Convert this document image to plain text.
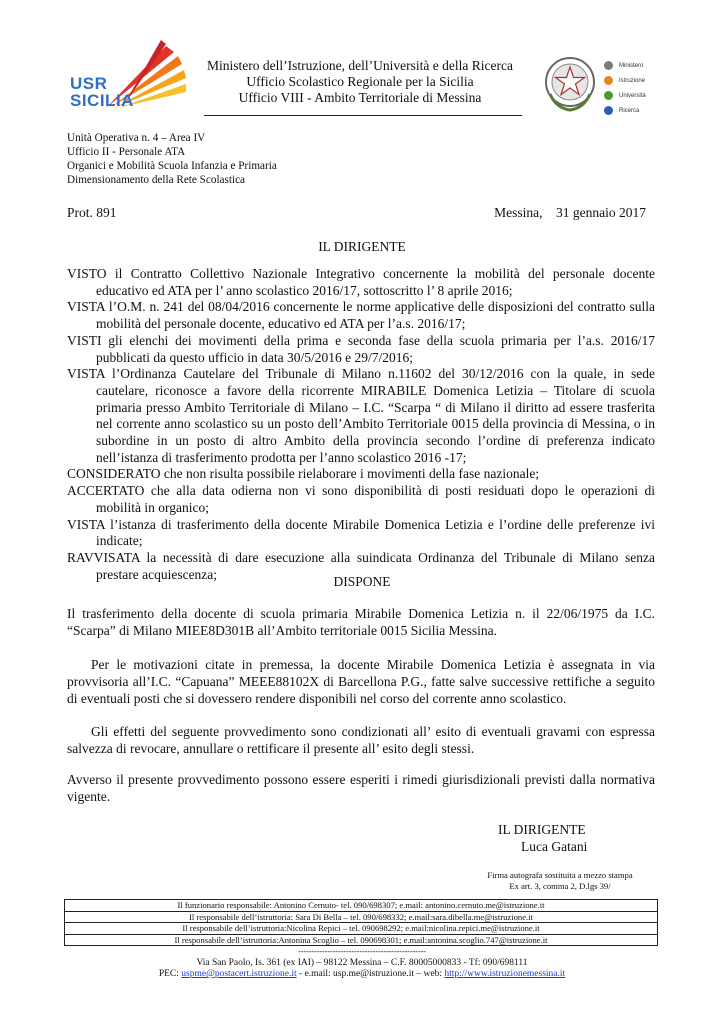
USR
SICILIA
Ministero dell’Istruzione, dell’Università e della Ricerca
Ufficio Scolastico Regionale per la Sicilia
Ufficio VIII - Ambito Territoriale di Messina
Ministero
Istruzione
Università
Ricerca
Unità Operativa n. 4 – Area IV
Ufficio II - Personale ATA
Organici e Mobilità Scuola Infanzia e Primaria
Dimensionamento della Rete Scolastica
Prot. 891	Messina,    31 gennaio 2017
IL DIRIGENTE

VISTO il Contratto Collettivo Nazionale Integrativo concernente la mobilità del personale docente educativo ed ATA per l’ anno scolastico 2016/17, sottoscritto l’ 8 aprile 2016;

VISTA l’O.M. n. 241 del 08/04/2016 concernente le norme applicative delle disposizioni del contratto sulla mobilità del personale docente, educativo ed ATA per l’a.s. 2016/17;

VISTI gli elenchi dei movimenti della prima e seconda fase della scuola primaria per l’a.s. 2016/17 pubblicati da questo ufficio in data 30/5/2016 e 29/7/2016;

VISTA l’Ordinanza Cautelare del Tribunale di Milano n.11602 del 30/12/2016 con la quale, in sede cautelare, riconosce a favore della ricorrente MIRABILE Domenica Letizia – Titolare di scuola primaria presso Ambito Territoriale di Milano – I.C. “Scarpa “ di Milano il diritto ad essere trasferita nel corrente anno scolastico su un posto dell’Ambito Territoriale 0015 della provincia di Messina, o in subordine in un posto di altro Ambito della provincia secondo l’ordine di preferenza indicato nell’istanza di trasferimento prodotta per l’anno scolastico 2016 -17;

CONSIDERATO che non risulta possibile rielaborare i movimenti della fase nazionale;

ACCERTATO che alla data odierna non vi sono disponibilità di posti residuati dopo le operazioni di mobilità in organico;

VISTA l’istanza di trasferimento della docente Mirabile Domenica Letizia e l’ordine delle preferenze ivi indicate;

RAVVISATA la necessità di dare esecuzione alla suindicata Ordinanza del Tribunale di Milano senza prestare acquiescenza;	DISPONE

Il trasferimento della docente di scuola primaria Mirabile Domenica Letizia n. il 22/06/1975 da I.C. “Scarpa” di Milano MIEE8D301B all’Ambito territoriale 0015 Sicilia Messina.

Per le motivazioni citate in premessa, la docente Mirabile Domenica Letizia è assegnata in via provvisoria all’I.C. “Capuana” MEEE88102X di Barcellona P.G., fatte salve successive rettifiche a seguito di eventuali posti che si dovessero rendere disponibili nel corso del corrente anno scolastico.

Gli effetti del seguente provvedimento sono condizionati all’ esito di eventuali gravami con espressa salvezza di revocare, annullare o rettificare il presente all’ esito degli stessi.

Avverso il presente provvedimento possono essere esperiti i rimedi giurisdizionali previsti dalla normativa vigente.

IL DIRIGENTE
Luca Gatani
Firma autografa sostituita a mezzo stampa
Ex art. 3, comma 2, D.lgs 39/
Il funzionario responsabile: Antonino Cernuto- tel. 090/698307; e.mail: antonino.cernuto.me@istruzione.it
Il responsabile dell’istruttoria: Sara Di Bella – tel. 090/698332; e.mail:sara.dibella.me@istruzione.it
Il responsabile dell’istruttoria:Nicolina Repici – tel. 090698292; e.mail:nicolina.repici.me@istruzione.it
Il responsabile dell’istruttoria:Antonina Scoglio – tel. 090698301; e.mail:antonina.scoglio.747@istruzione.it
------------------------------------------------
Via San Paolo, Is. 361 (ex IAI) – 98122 Messina – C.F. 80005000833 - Tf: 090/698111
PEC: uspme@postacert.istruzione.it - e.mail: usp.me@istruzione.it – web: http://www.istruzionemessina.it
